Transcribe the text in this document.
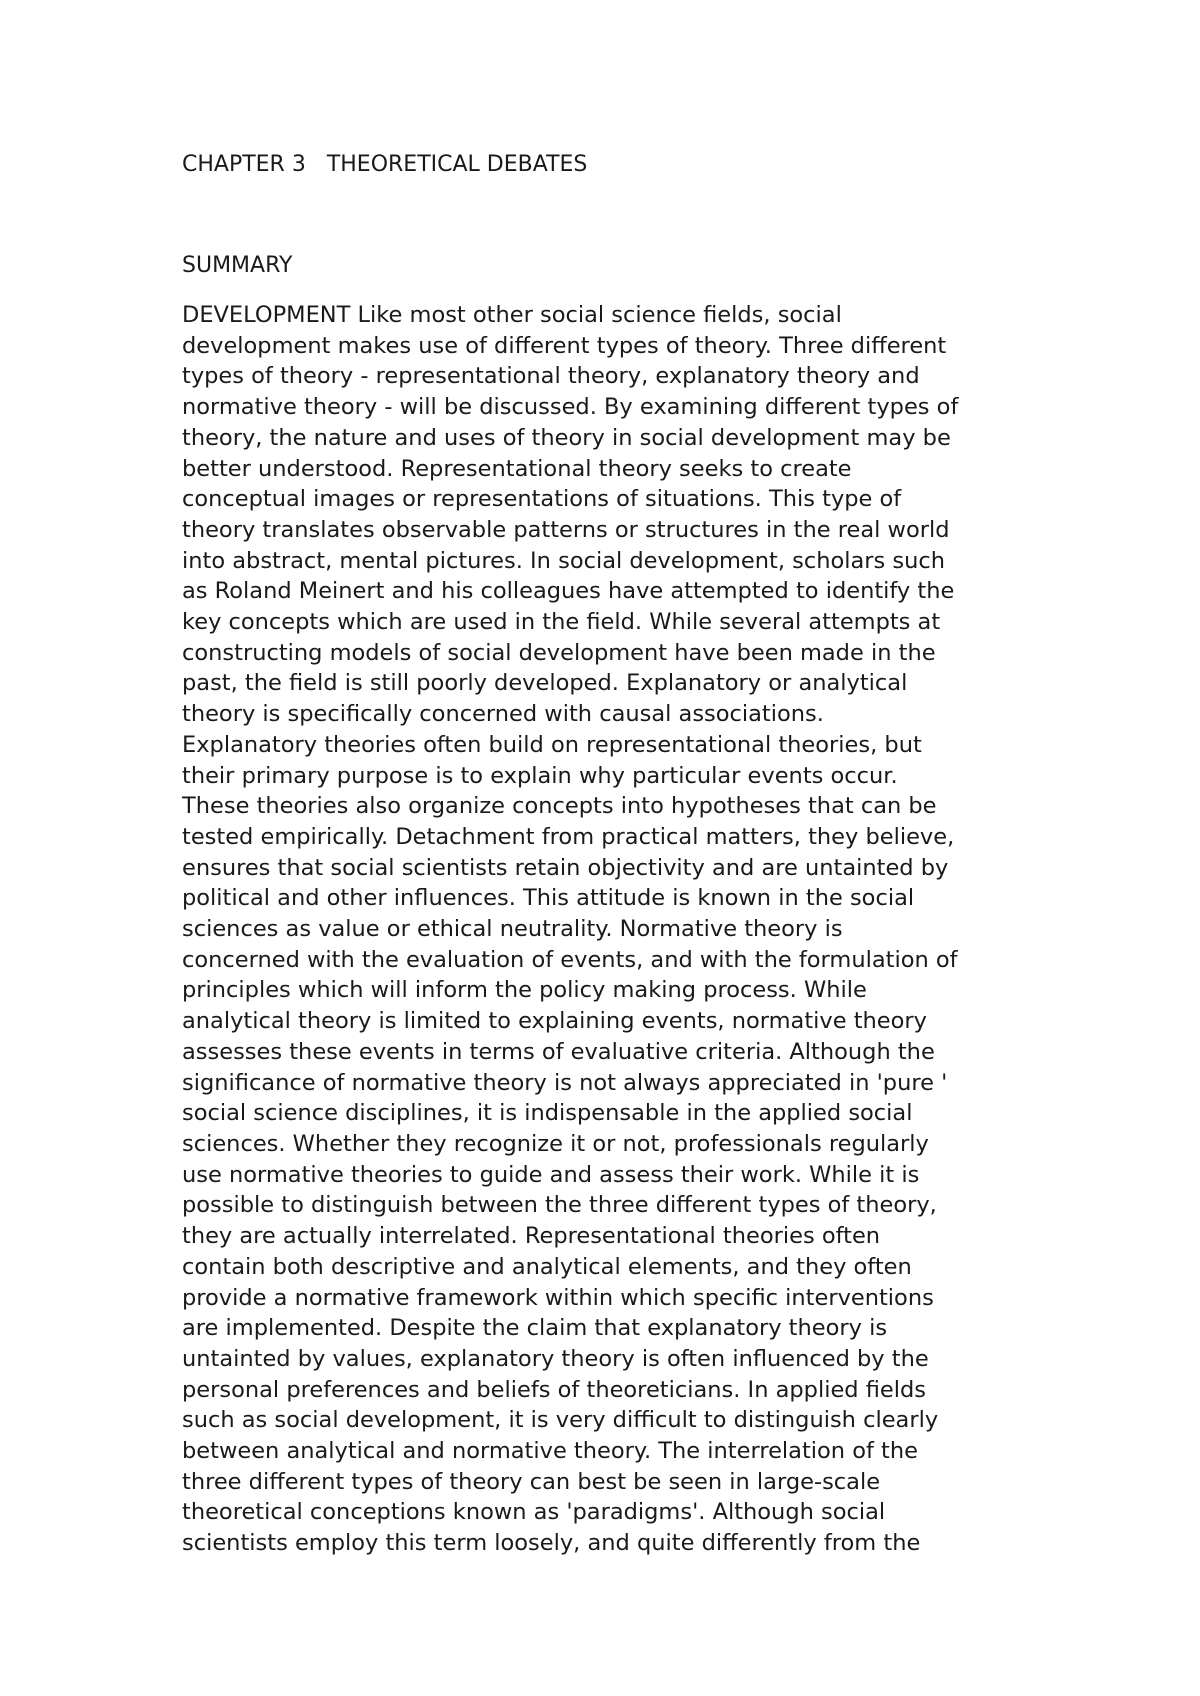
CHAPTER 3   THEORETICAL DEBATES
SUMMARY

DEVELOPMENT Like most other social science fields, social
development makes use of different types of theory. Three different
types of theory - representational theory, explanatory theory and
normative theory - will be discussed. By examining different types of
theory, the nature and uses of theory in social development may be
better understood. Representational theory seeks to create
conceptual images or representations of situations. This type of
theory translates observable patterns or structures in the real world
into abstract, mental pictures. In social development, scholars such
as Roland Meinert and his colleagues have attempted to identify the
key concepts which are used in the field. While several attempts at
constructing models of social development have been made in the
past, the field is still poorly developed. Explanatory or analytical
theory is specifically concerned with causal associations.
Explanatory theories often build on representational theories, but
their primary purpose is to explain why particular events occur.
These theories also organize concepts into hypotheses that can be
tested empirically. Detachment from practical matters, they believe,
ensures that social scientists retain objectivity and are untainted by
political and other influences. This attitude is known in the social
sciences as value or ethical neutrality. Normative theory is
concerned with the evaluation of events, and with the formulation of
principles which will inform the policy making process. While
analytical theory is limited to explaining events, normative theory
assesses these events in terms of evaluative criteria. Although the
significance of normative theory is not always appreciated in 'pure '
social science disciplines, it is indispensable in the applied social
sciences. Whether they recognize it or not, professionals regularly
use normative theories to guide and assess their work. While it is
possible to distinguish between the three different types of theory,
they are actually interrelated. Representational theories often
contain both descriptive and analytical elements, and they often
provide a normative framework within which specific interventions
are implemented. Despite the claim that explanatory theory is
untainted by values, explanatory theory is often influenced by the
personal preferences and beliefs of theoreticians. In applied fields
such as social development, it is very difficult to distinguish clearly
between analytical and normative theory. The interrelation of the
three different types of theory can best be seen in large-scale
theoretical conceptions known as 'paradigms'. Although social
scientists employ this term loosely, and quite differently from the
